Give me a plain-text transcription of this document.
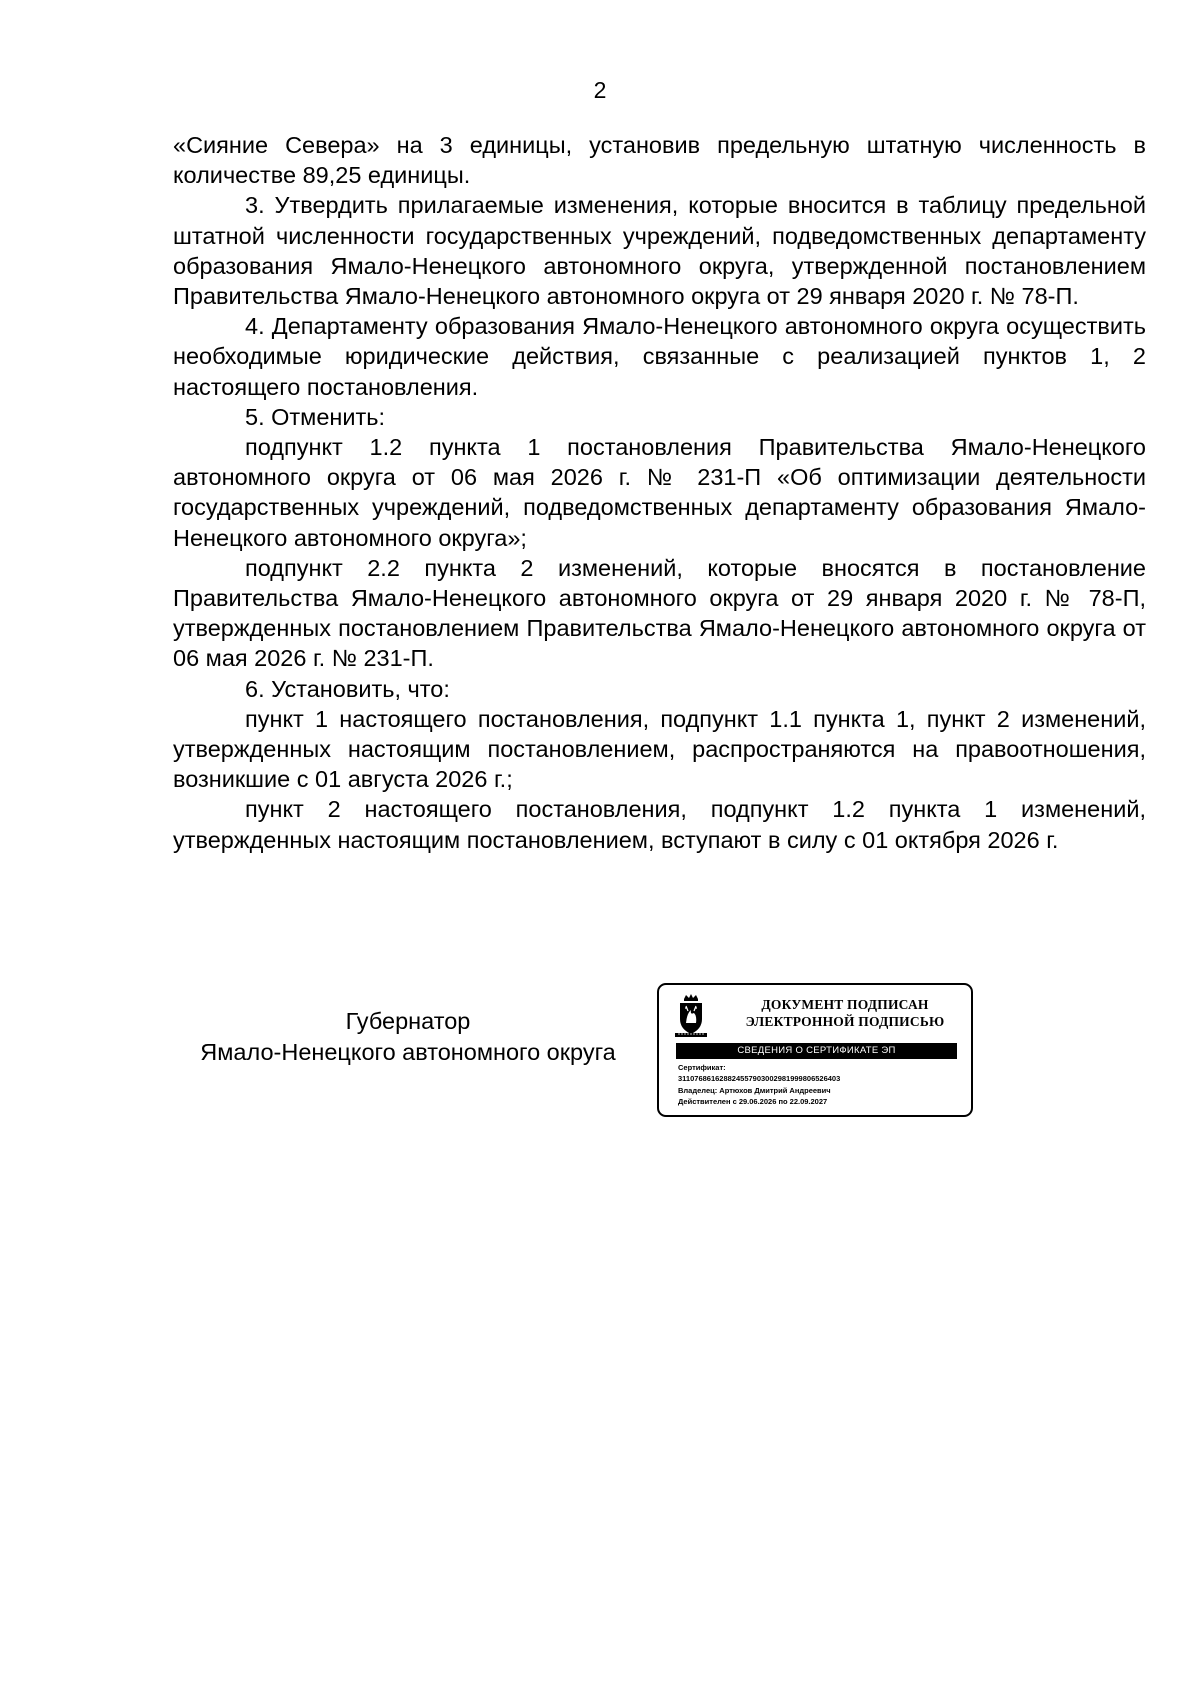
2

«Сияние Севера» на 3 единицы, установив предельную штатную численность в количестве 89,25 единицы.

3. Утвердить прилагаемые изменения, которые вносится в таблицу предельной штатной численности государственных учреждений, подведомственных департаменту образования Ямало-Ненецкого автономного округа, утвержденной постановлением Правительства Ямало-Ненецкого автономного округа от 29 января 2020 г. № 78-П.

4. Департаменту образования Ямало-Ненецкого автономного округа осуществить необходимые юридические действия, связанные с реализацией пунктов 1, 2 настоящего постановления.

5. Отменить:

подпункт 1.2 пункта 1 постановления Правительства Ямало-Ненецкого автономного округа от 06 мая 2026 г. № 231-П «Об оптимизации деятельности государственных учреждений, подведомственных департаменту образования Ямало-Ненецкого автономного округа»;

подпункт 2.2 пункта 2 изменений, которые вносятся в постановление Правительства Ямало-Ненецкого автономного округа от 29 января 2020 г. № 78-П, утвержденных постановлением Правительства Ямало-Ненецкого автономного округа от 06 мая 2026 г. № 231-П.

6. Установить, что:

пункт 1 настоящего постановления, подпункт 1.1 пункта 1, пункт 2 изменений, утвержденных настоящим постановлением, распространяются на правоотношения, возникшие с 01 августа 2026 г.;

пункт 2 настоящего постановления, подпункт 1.2 пункта 1 изменений, утвержденных настоящим постановлением, вступают в силу с 01 октября 2026 г.

Губернатор
Ямало-Ненецкого автономного округа
ДОКУМЕНТ ПОДПИСАН
ЭЛЕКТРОННОЙ ПОДПИСЬЮ
СВЕДЕНИЯ О СЕРТИФИКАТЕ ЭП
Сертификат:
311076861628824557903002981999806526403
Владелец: Артюхов Дмитрий Андреевич
Действителен с 29.06.2026 по 22.09.2027
